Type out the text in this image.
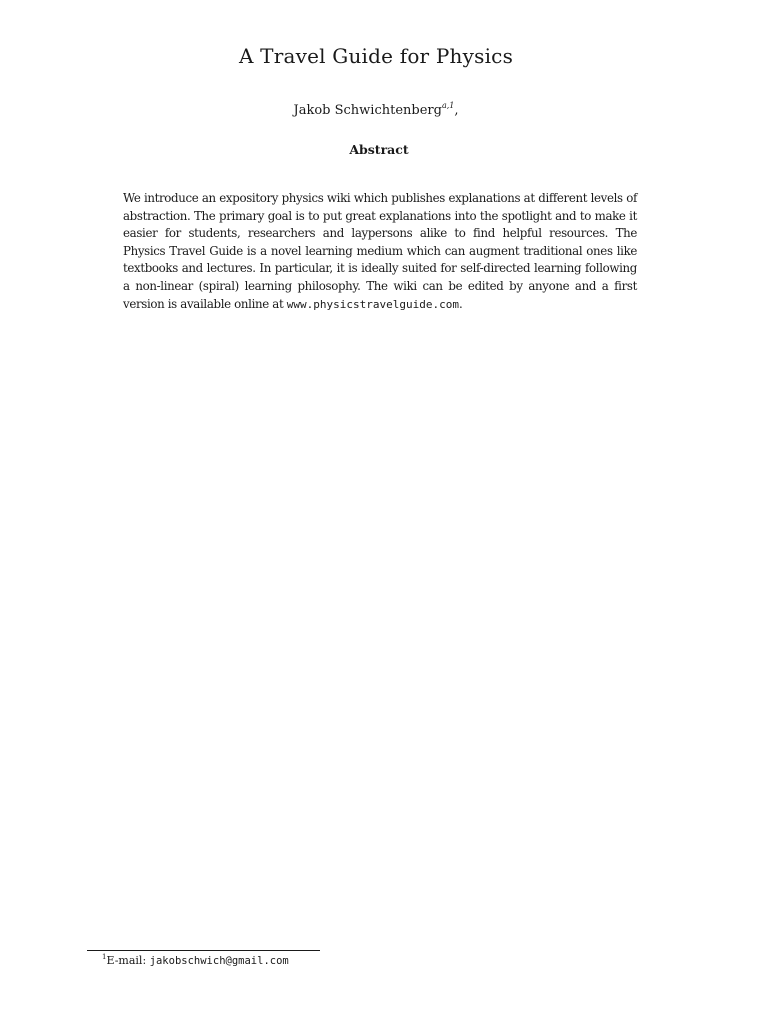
A Travel Guide for Physics
Jakob Schwichtenberg$^{a,1}$,
Abstract

We introduce an expository physics wiki which publishes explanations at different levels of abstraction. The primary goal is to put great explanations into the spotlight and to make it easier for students, researchers and laypersons alike to find helpful resources. The Physics Travel Guide is a novel learning medium which can augment traditional ones like textbooks and lectures. In particular, it is ideally suited for self-directed learning following a non-linear (spiral) learning philosophy. The wiki can be edited by anyone and a first version is available online at www.physicstravelguide.com.

$^1$E-mail: jakobschwich@gmail.com
